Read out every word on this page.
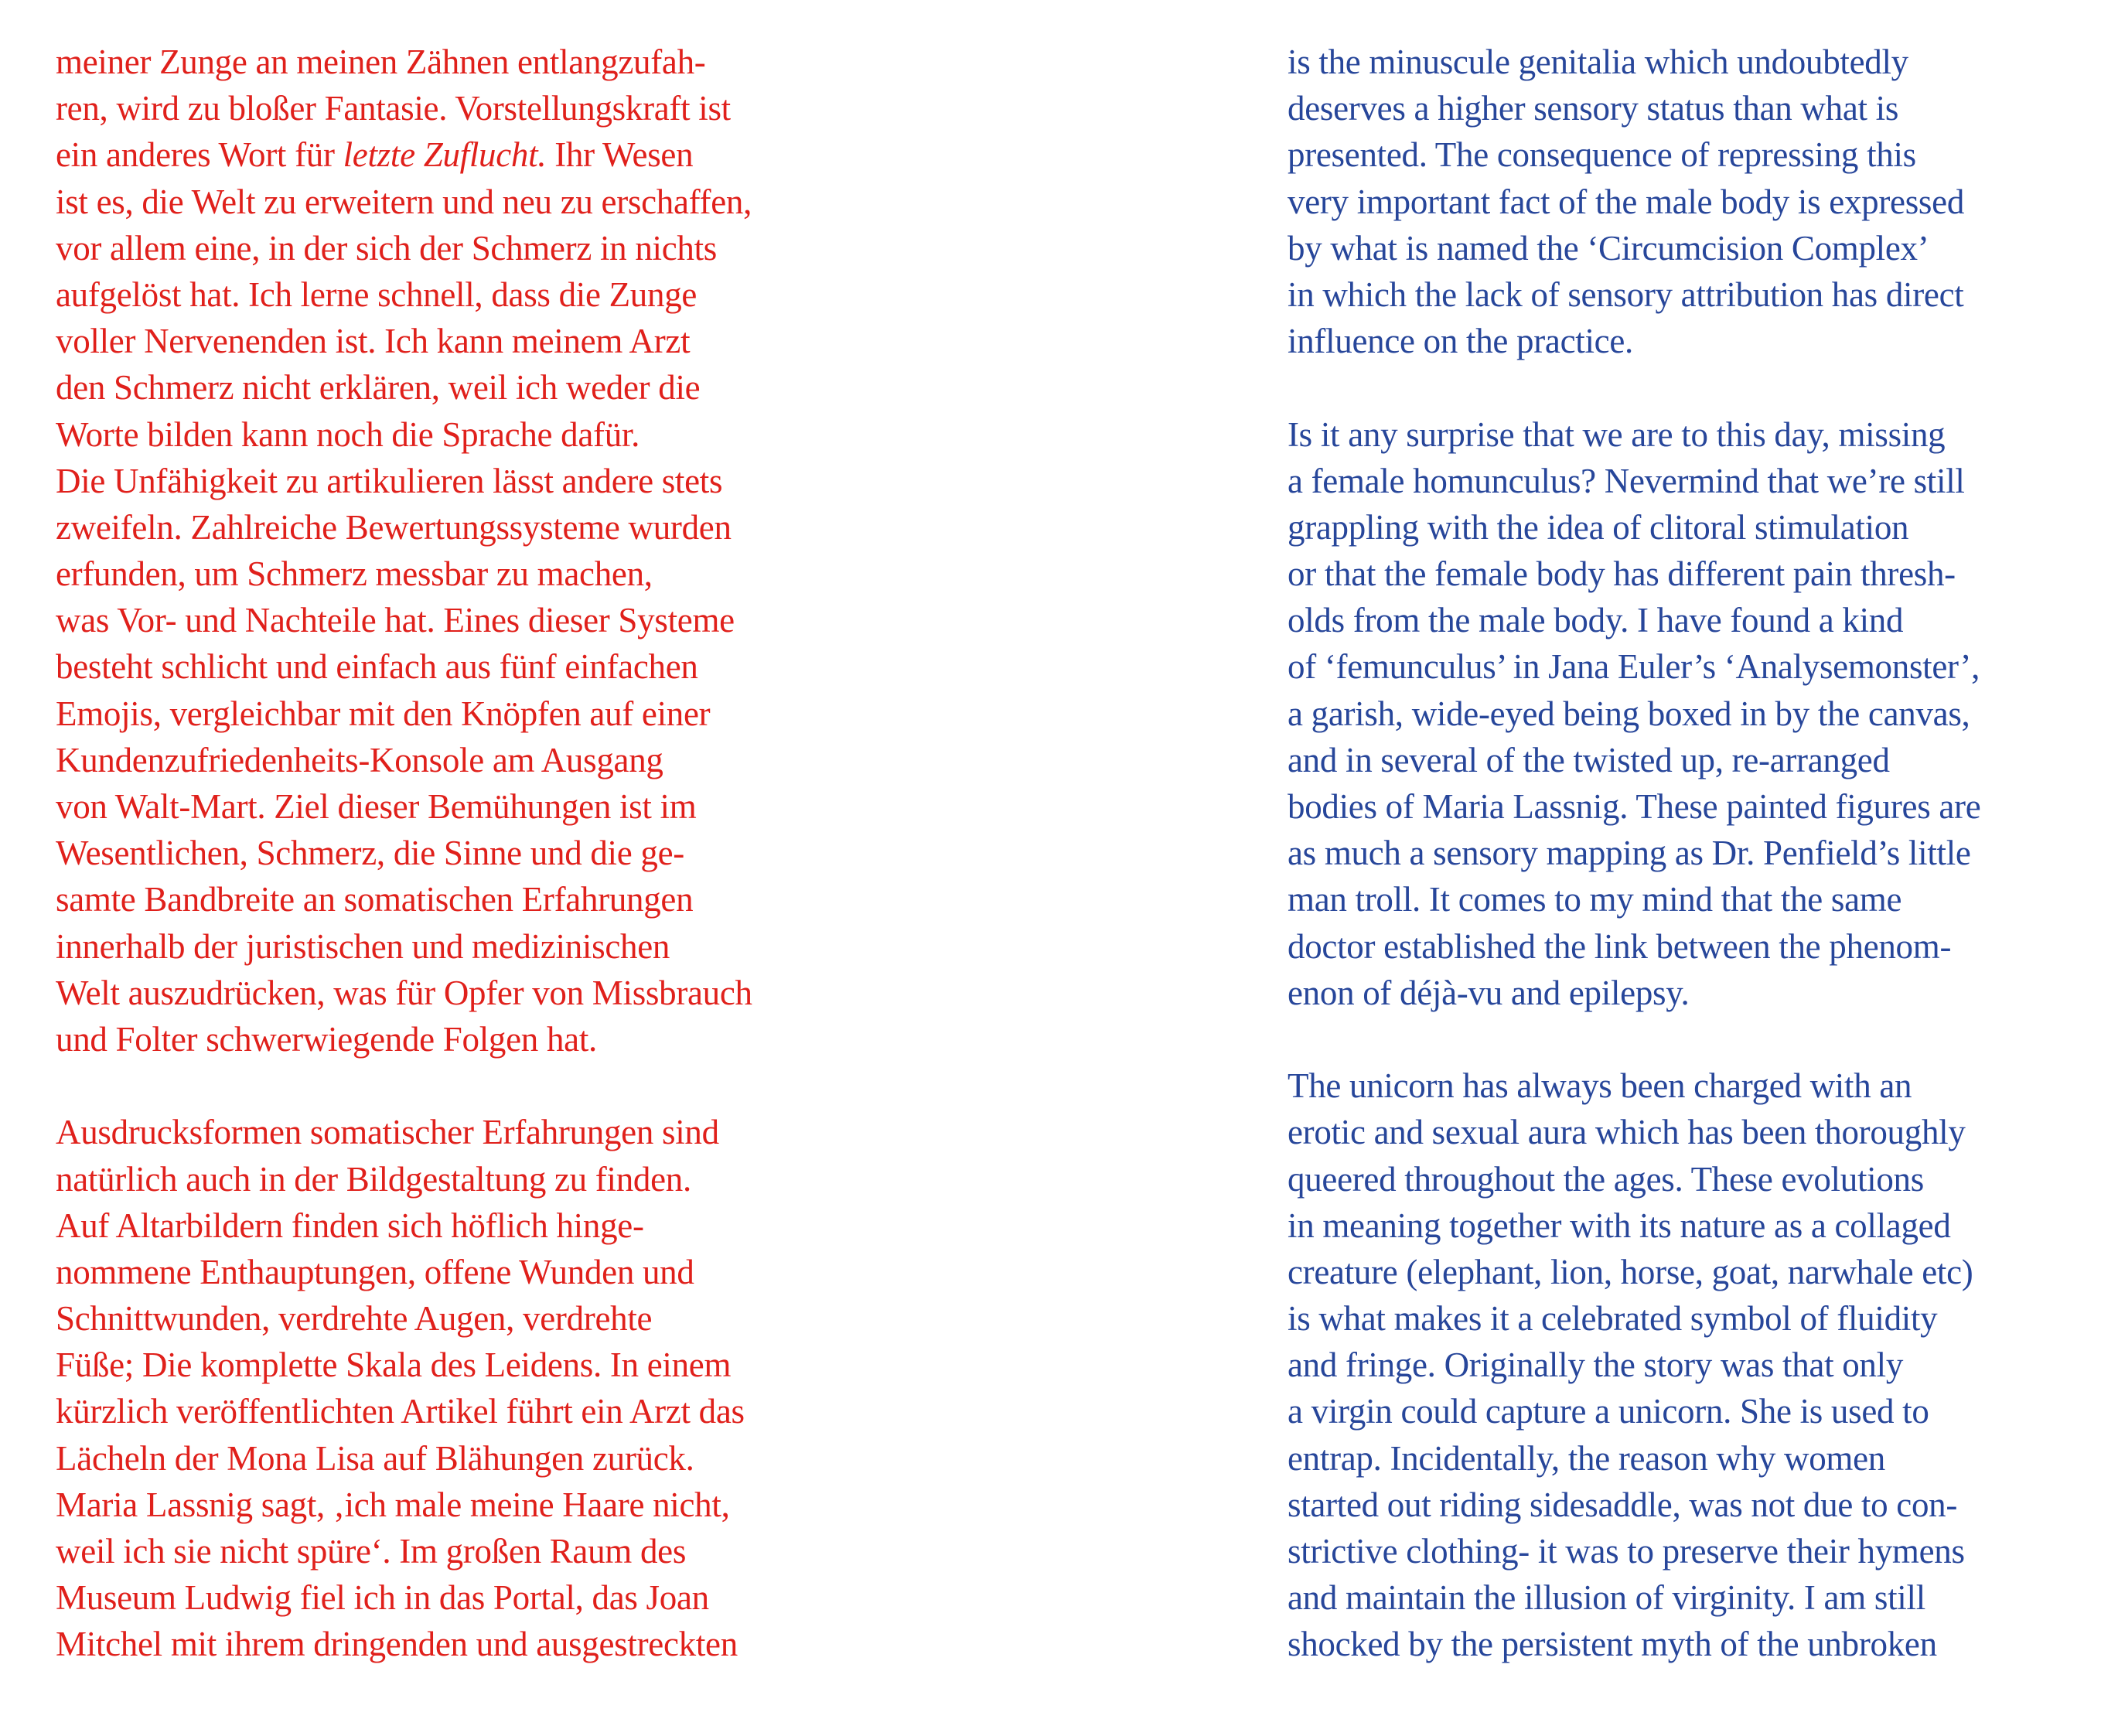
meiner Zunge an meinen Zähnen entlangzufah-
ren, wird zu bloßer Fantasie. Vorstellungskraft ist
ein anderes Wort für letzte Zuflucht. Ihr Wesen
ist es, die Welt zu erweitern und neu zu erschaffen,
vor allem eine, in der sich der Schmerz in nichts
aufgelöst hat. Ich lerne schnell, dass die Zunge
voller Nervenenden ist. Ich kann meinem Arzt
den Schmerz nicht erklären, weil ich weder die
Worte bilden kann noch die Sprache dafür.
Die Unfähigkeit zu artikulieren lässt andere stets
zweifeln. Zahlreiche Bewertungssysteme wurden
erfunden, um Schmerz messbar zu machen,
was Vor- und Nachteile hat. Eines dieser Systeme
besteht schlicht und einfach aus fünf einfachen
Emojis, vergleichbar mit den Knöpfen auf einer
Kundenzufriedenheits-Konsole am Ausgang
von Walt-Mart. Ziel dieser Bemühungen ist im
Wesentlichen, Schmerz, die Sinne und die ge-
samte Bandbreite an somatischen Erfahrungen
innerhalb der juristischen und medizinischen
Welt auszudrücken, was für Opfer von Missbrauch
und Folter schwerwiegende Folgen hat.
Ausdrucksformen somatischer Erfahrungen sind
natürlich auch in der Bildgestaltung zu finden.
Auf Altarbildern finden sich höflich hinge-
nommene Enthauptungen, offene Wunden und
Schnittwunden, verdrehte Augen, verdrehte
Füße; Die komplette Skala des Leidens. In einem
kürzlich veröffentlichten Artikel führt ein Arzt das
Lächeln der Mona Lisa auf Blähungen zurück.
Maria Lassnig sagt, ‚ich male meine Haare nicht,
weil ich sie nicht spüre‘. Im großen Raum des
Museum Ludwig fiel ich in das Portal, das Joan
Mitchel mit ihrem dringenden und ausgestreckten
is the minuscule genitalia which undoubtedly
deserves a higher sensory status than what is
presented. The consequence of repressing this
very important fact of the male body is expressed
by what is named the ‘Circumcision Complex’
in which the lack of sensory attribution has direct
influence on the practice.
Is it any surprise that we are to this day, missing
a female homunculus? Nevermind that we’re still
grappling with the idea of clitoral stimulation
or that the female body has different pain thresh-
olds from the male body. I have found a kind
of ‘femunculus’ in Jana Euler’s ‘Analysemonster’,
a garish, wide-eyed being boxed in by the canvas,
and in several of the twisted up, re-arranged
bodies of Maria Lassnig. These painted figures are
as much a sensory mapping as Dr. Penfield’s little
man troll. It comes to my mind that the same
doctor established the link between the phenom-
enon of déjà-vu and epilepsy.
The unicorn has always been charged with an
erotic and sexual aura which has been thoroughly
queered throughout the ages. These evolutions
in meaning together with its nature as a collaged
creature (elephant, lion, horse, goat, narwhale etc)
is what makes it a celebrated symbol of fluidity
and fringe. Originally the story was that only
a virgin could capture a unicorn. She is used to
entrap. Incidentally, the reason why women
started out riding sidesaddle, was not due to con-
strictive clothing- it was to preserve their hymens
and maintain the illusion of virginity. I am still
shocked by the persistent myth of the unbroken
